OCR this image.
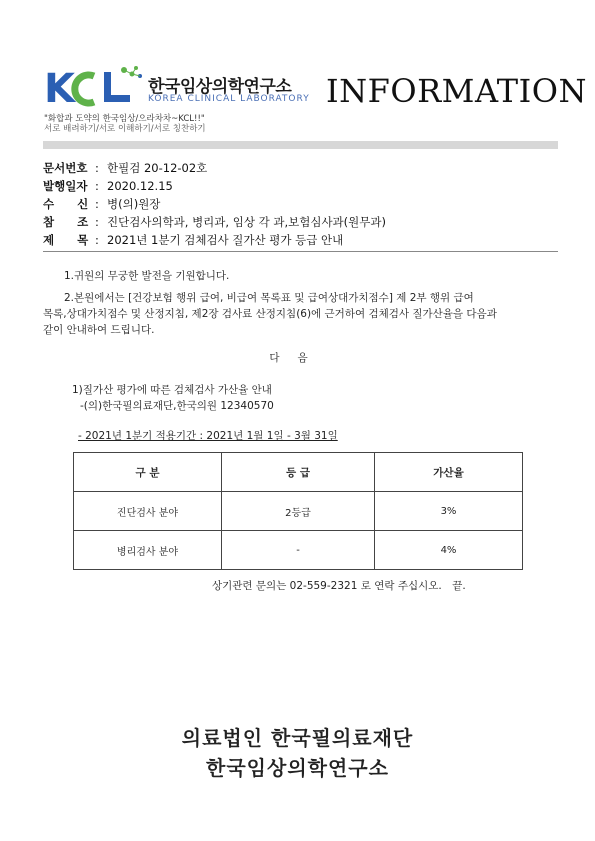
K	한국임상의학연구소
KOREA CLINICAL LABORATORY INFORMATION
"화합과 도약의 한국임상/으라차차~KCL!!"
서로 배려하기/서로 이해하기/서로 칭찬하기
문서번호 : 한필검 20-12-02호
발행일자 : 2020.12.15
수　　신 : 병(의)원장
참　　조 : 진단검사의학과, 병리과, 임상 각 과,보험심사과(원무과)
제　　목 : 2021년 1분기 검체검사 질가산 평가 등급 안내
1.귀원의 무궁한 발전을 기원합니다.
2.본원에서는 [건강보험 행위 급여, 비급여 목록표 및 급여상대가치점수] 제 2부 행위 급여
목록,상대가치점수 및 산정지침, 제2장 검사료 산정지침(6)에 근거하여 검체검사 질가산율을 다음과
같이 안내하여 드립니다.
다음
1)질가산 평가에 따른 검체검사 가산율 안내
-(의)한국필의료재단,한국의원 12340570
- 2021년 1분기 적용기간 : 2021년 1월 1일 - 3월 31일
구 분	등 급	가산율
진단검사 분야	2등급	3%
병리검사 분야	-	4%
상기관련 문의는 02-559-2321 로 연락 주십시오.　끝.
의료법인 한국필의료재단
한국임상의학연구소
